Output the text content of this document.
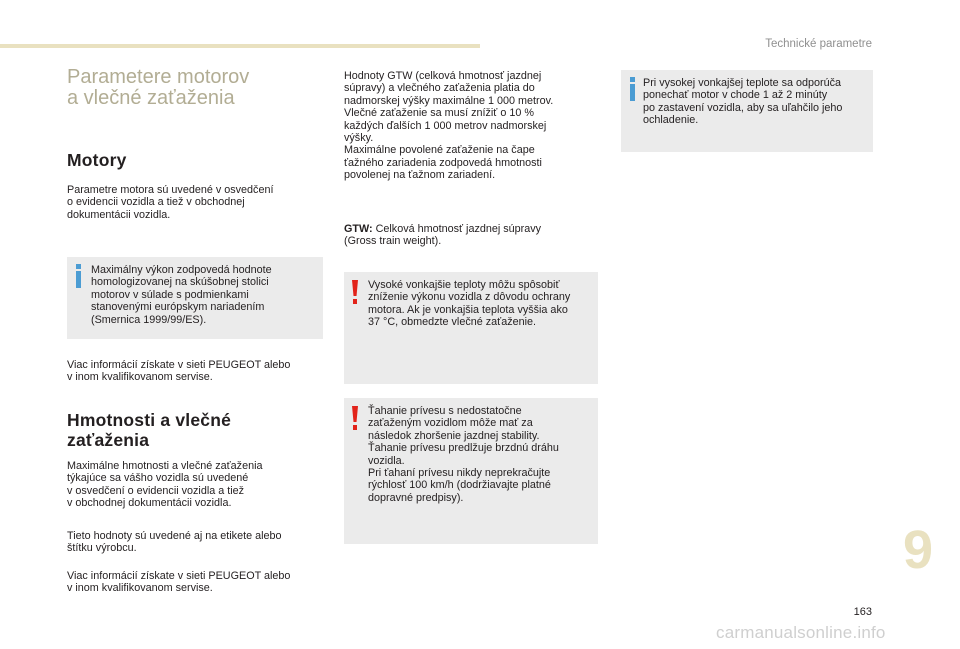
Technické parametre
Parametere motorov
a vlečné zaťaženia
Motory
Parametre motora sú uvedené v osvedčení
o evidencii vozidla a tiež v obchodnej
dokumentácii vozidla.
Maximálny výkon zodpovedá hodnote
homologizovanej na skúšobnej stolici
motorov v súlade s podmienkami
stanovenými európskym nariadením
(Smernica 1999/99/ES).
Viac informácií získate v sieti PEUGEOT alebo
v inom kvalifikovanom servise.
Hmotnosti a vlečné
zaťaženia
Maximálne hmotnosti a vlečné zaťaženia
týkajúce sa vášho vozidla sú uvedené
v osvedčení o evidencii vozidla a tiež
v obchodnej dokumentácii vozidla.
Tieto hodnoty sú uvedené aj na etikete alebo
štítku výrobcu.
Viac informácií získate v sieti PEUGEOT alebo
v inom kvalifikovanom servise.
Hodnoty GTW (celková hmotnosť jazdnej
súpravy) a vlečného zaťaženia platia do
nadmorskej výšky maximálne 1 000 metrov.
Vlečné zaťaženie sa musí znížiť o 10 %
každých ďalších 1 000 metrov nadmorskej
výšky.
Maximálne povolené zaťaženie na čape
ťažného zariadenia zodpovedá hmotnosti
povolenej na ťažnom zariadení.
GTW: Celková hmotnosť jazdnej súpravy
(Gross train weight).
Vysoké vonkajšie teploty môžu spôsobiť
zníženie výkonu vozidla z dôvodu ochrany
motora. Ak je vonkajšia teplota vyššia ako
37 °C, obmedzte vlečné zaťaženie.
Ťahanie prívesu s nedostatočne
zaťaženým vozidlom môže mať za
následok zhoršenie jazdnej stability.
Ťahanie prívesu predlžuje brzdnú dráhu
vozidla.
Pri ťahaní prívesu nikdy neprekračujte
rýchlosť 100 km/h (dodržiavajte platné
dopravné predpisy).
Pri vysokej vonkajšej teplote sa odporúča
ponechať motor v chode 1 až 2 minúty
po zastavení vozidla, aby sa uľahčilo jeho
ochladenie.
9
163
carmanualsonline.info
